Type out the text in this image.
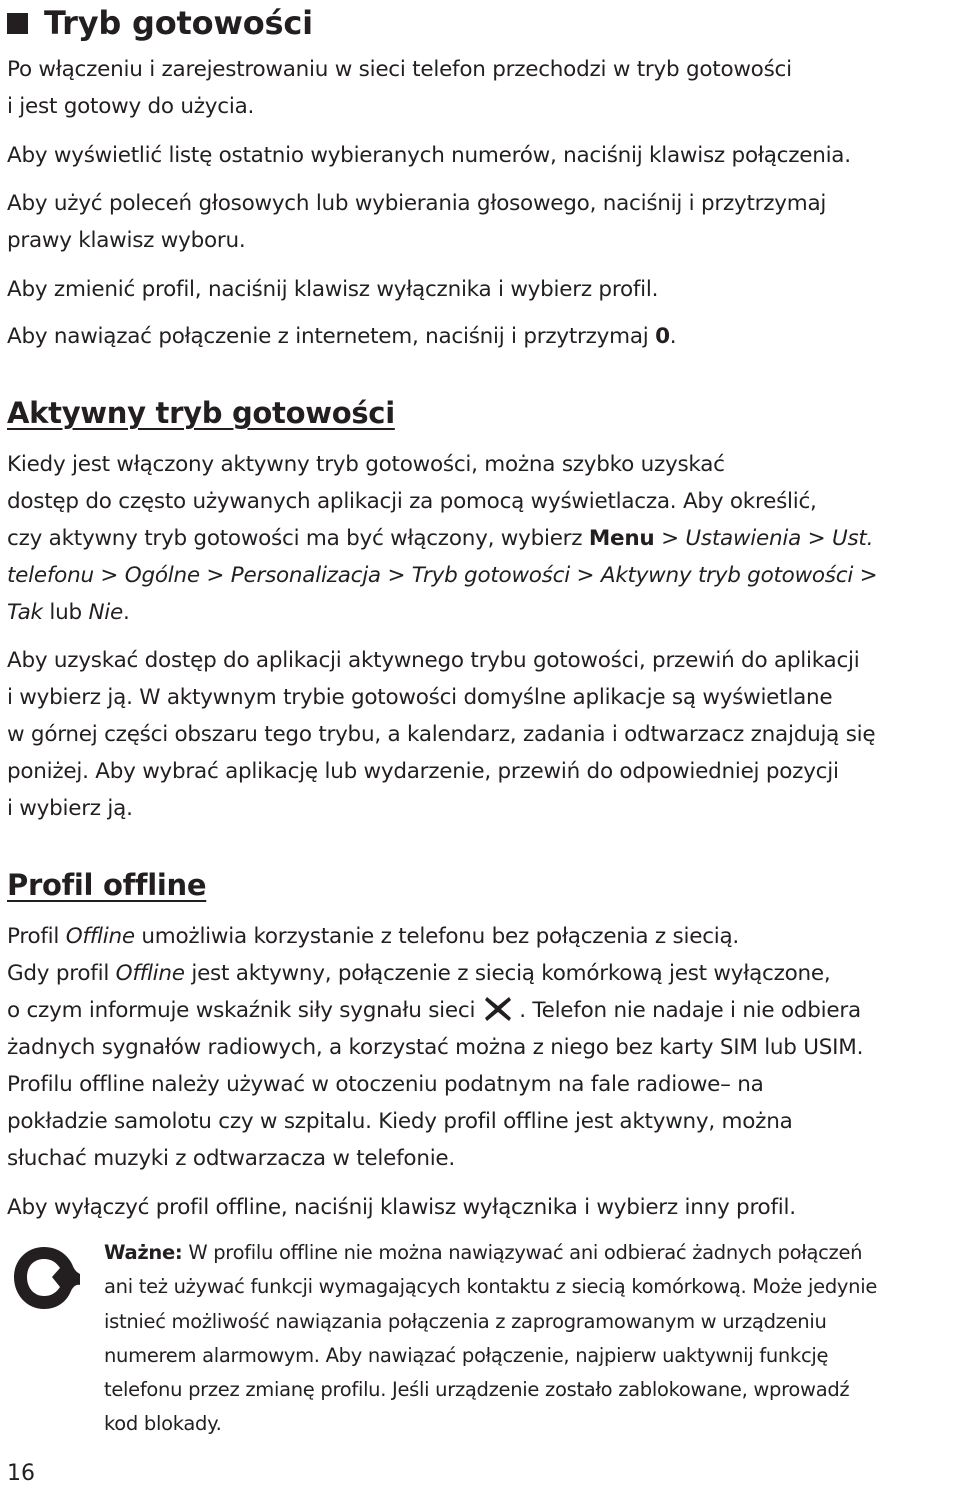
Tryb gotowości

Po włączeniu i zarejestrowaniu w sieci telefon przechodzi w tryb gotowości
i jest gotowy do użycia.

Aby wyświetlić listę ostatnio wybieranych numerów, naciśnij klawisz połączenia.

Aby użyć poleceń głosowych lub wybierania głosowego, naciśnij i przytrzymaj
prawy klawisz wyboru.

Aby zmienić profil, naciśnij klawisz wyłącznika i wybierz profil.

Aby nawiązać połączenie z internetem, naciśnij i przytrzymaj 0.

Aktywny tryb gotowości

Kiedy jest włączony aktywny tryb gotowości, można szybko uzyskać
dostęp do często używanych aplikacji za pomocą wyświetlacza. Aby określić,
czy aktywny tryb gotowości ma być włączony, wybierz Menu > Ustawienia > Ust.
telefonu > Ogólne > Personalizacja > Tryb gotowości > Aktywny tryb gotowości >
Tak lub Nie.

Aby uzyskać dostęp do aplikacji aktywnego trybu gotowości, przewiń do aplikacji
i wybierz ją. W aktywnym trybie gotowości domyślne aplikacje są wyświetlane
w górnej części obszaru tego trybu, a kalendarz, zadania i odtwarzacz znajdują się
poniżej. Aby wybrać aplikację lub wydarzenie, przewiń do odpowiedniej pozycji
i wybierz ją.

Profil offline

Profil Offline umożliwia korzystanie z telefonu bez połączenia z siecią.

Gdy profil Offline jest aktywny, połączenie z siecią komórkową jest wyłączone,
o czym informuje wskaźnik siły sygnału sieci . Telefon nie nadaje i nie odbiera
żadnych sygnałów radiowych, a korzystać można z niego bez karty SIM lub USIM.
Profilu offline należy używać w otoczeniu podatnym na fale radiowe– na
pokładzie samolotu czy w szpitalu. Kiedy profil offline jest aktywny, można
słuchać muzyki z odtwarzacza w telefonie.

Aby wyłączyć profil offline, naciśnij klawisz wyłącznika i wybierz inny profil.

Ważne: W profilu offline nie można nawiązywać ani odbierać żadnych połączeń
ani też używać funkcji wymagających kontaktu z siecią komórkową. Może jedynie
istnieć możliwość nawiązania połączenia z zaprogramowanym w urządzeniu
numerem alarmowym. Aby nawiązać połączenie, najpierw uaktywnij funkcję
telefonu przez zmianę profilu. Jeśli urządzenie zostało zablokowane, wprowadź
kod blokady.

16
